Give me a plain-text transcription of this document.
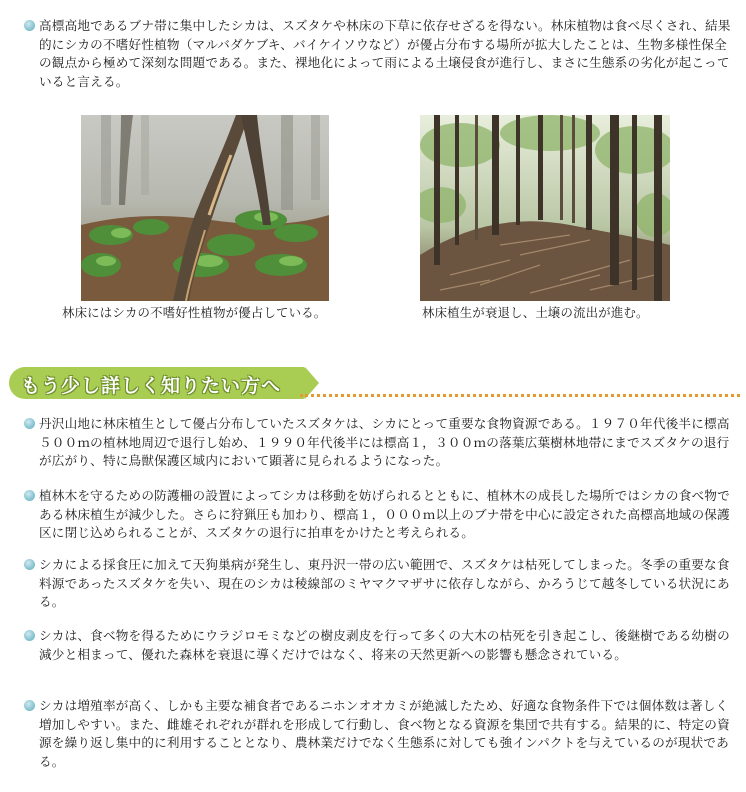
高標高地であるブナ帯に集中したシカは、スズタケや林床の下草に依存せざるを得ない。林床植物は食べ尽くされ、結果的にシカの不嗜好性植物（マルバダケブキ、バイケイソウなど）が優占分布する場所が拡大したことは、生物多様性保全の観点から極めて深刻な問題である。また、裸地化によって雨による土壌侵食が進行し、まさに生態系の劣化が起こっていると言える。
林床にはシカの不嗜好性植物が優占している。	林床植生が衰退し、土壌の流出が進む。
もう少し詳しく知りたい方へ
丹沢山地に林床植生として優占分布していたスズタケは、シカにとって重要な食物資源である。１９７０年代後半に標高５００ｍの植林地周辺で退行し始め、１９９０年代後半には標高１，３００ｍの落葉広葉樹林地帯にまでスズタケの退行が広がり、特に鳥獣保護区域内において顕著に見られるようになった。
植林木を守るための防護柵の設置によってシカは移動を妨げられるとともに、植林木の成長した場所ではシカの食べ物である林床植生が減少した。さらに狩猟圧も加わり、標高１，０００ｍ以上のブナ帯を中心に設定された高標高地域の保護区に閉じ込められることが、スズタケの退行に拍車をかけたと考えられる。
シカによる採食圧に加えて天狗巣病が発生し、東丹沢一帯の広い範囲で、スズタケは枯死してしまった。冬季の重要な食料源であったスズタケを失い、現在のシカは稜線部のミヤマクマザサに依存しながら、かろうじて越冬している状況にある。
シカは、食べ物を得るためにウラジロモミなどの樹皮剥皮を行って多くの大木の枯死を引き起こし、後継樹である幼樹の減少と相まって、優れた森林を衰退に導くだけではなく、将来の天然更新への影響も懸念されている。
シカは増殖率が高く、しかも主要な補食者であるニホンオオカミが絶滅したため、好適な食物条件下では個体数は著しく増加しやすい。また、雌雄それぞれが群れを形成して行動し、食べ物となる資源を集団で共有する。結果的に、特定の資源を繰り返し集中的に利用することとなり、農林業だけでなく生態系に対しても強インパクトを与えているのが現状である。
